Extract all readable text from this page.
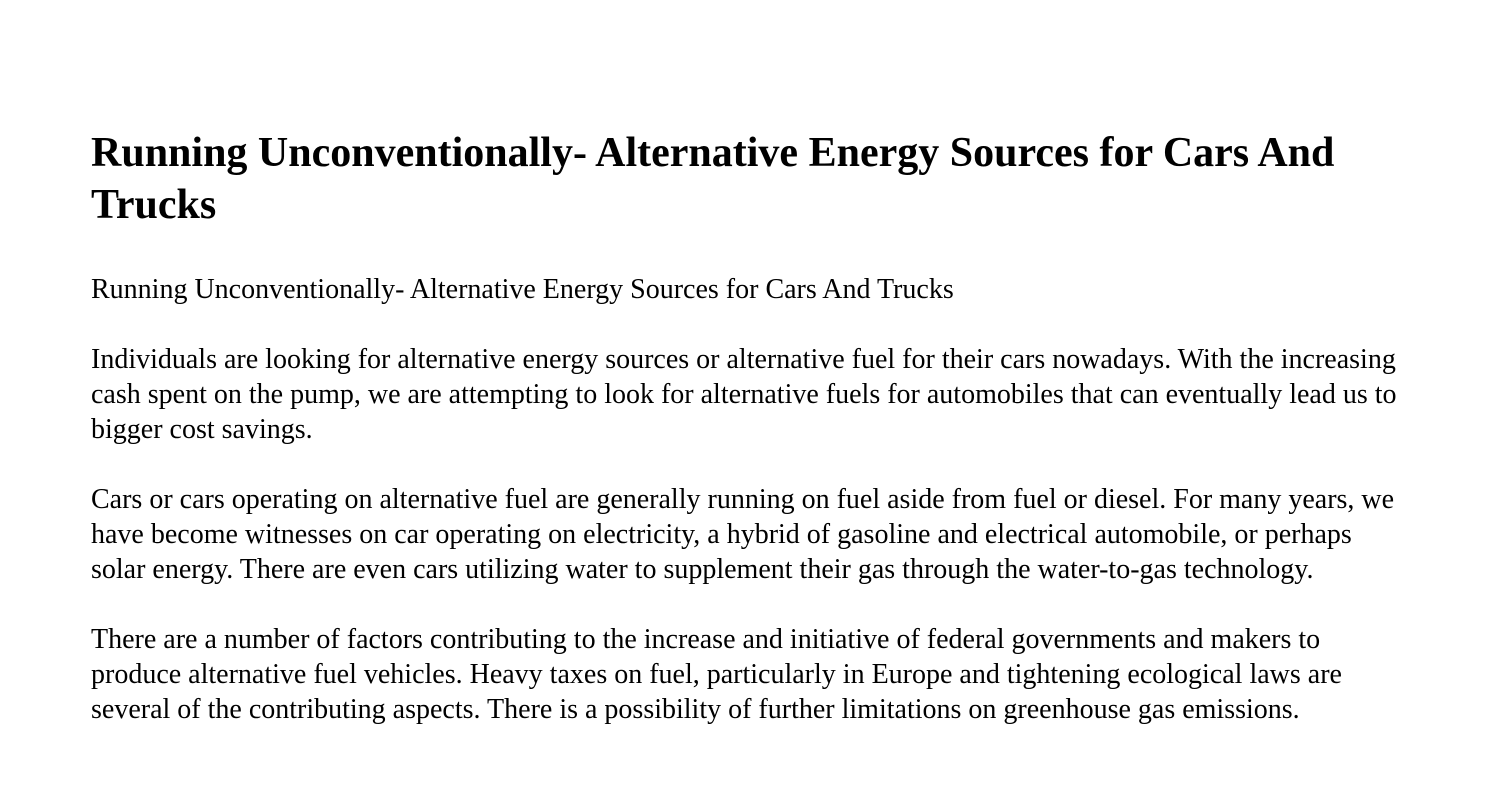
Running Unconventionally- Alternative Energy Sources for Cars And Trucks

Running Unconventionally- Alternative Energy Sources for Cars And Trucks

Individuals are looking for alternative energy sources or alternative fuel for their cars nowadays. With the increasing cash spent on the pump, we are attempting to look for alternative fuels for automobiles that can eventually lead us to bigger cost savings.

Cars or cars operating on alternative fuel are generally running on fuel aside from fuel or diesel. For many years, we have become witnesses on car operating on electricity, a hybrid of gasoline and electrical automobile, or perhaps solar energy. There are even cars utilizing water to supplement their gas through the water-to-gas technology.

There are a number of factors contributing to the increase and initiative of federal governments and makers to produce alternative fuel vehicles. Heavy taxes on fuel, particularly in Europe and tightening ecological laws are several of the contributing aspects. There is a possibility of further limitations on greenhouse gas emissions.
